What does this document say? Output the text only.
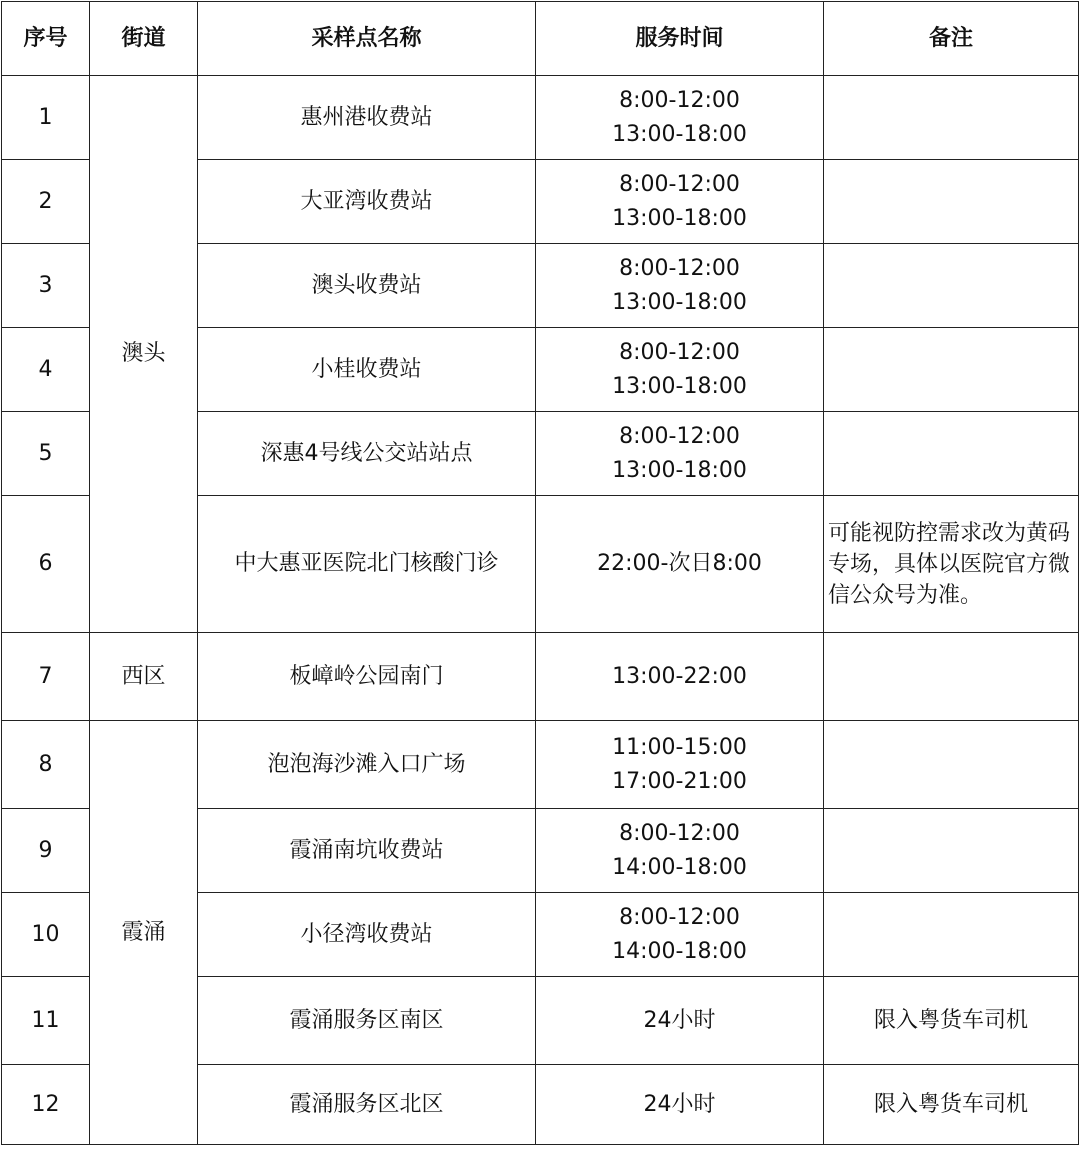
序号	街道	采样点名称	服务时间	备注
1	澳头	惠州港收费站	8:00-12:00
13:00-18:00	

2		大亚湾收费站	8:00-12:00
13:00-18:00	

3		澳头收费站	8:00-12:00
13:00-18:00	

4		小桂收费站	8:00-12:00
13:00-18:00	

5		深惠4号线公交站站点	8:00-12:00
13:00-18:00	

6		中大惠亚医院北门核酸门诊	22:00-次日8:00	可能视防控需求改为黄码专场，具体以医院官方微信公众号为准。
7	西区	板嶂岭公园南门	13:00-22:00	

8	霞涌	泡泡海沙滩入口广场	11:00-15:00
17:00-21:00	

9		霞涌南坑收费站	8:00-12:00
14:00-18:00	

10		小径湾收费站	8:00-12:00
14:00-18:00	

11		霞涌服务区南区	24小时	限入粤货车司机
12		霞涌服务区北区	24小时	限入粤货车司机
